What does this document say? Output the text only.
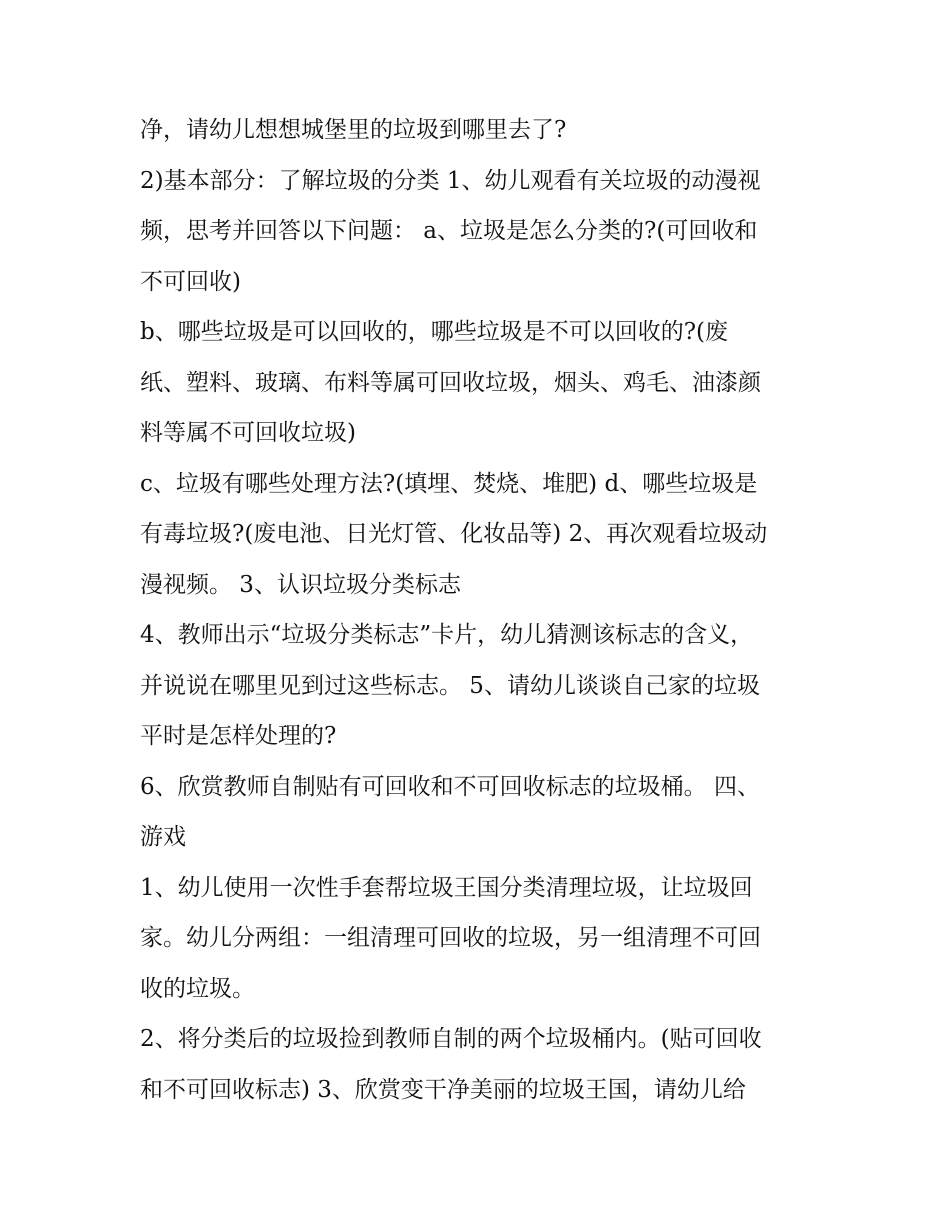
净，请幼儿想想城堡里的垃圾到哪里去了?
2)基本部分：了解垃圾的分类 1、幼儿观看有关垃圾的动漫视
频，思考并回答以下问题： a、垃圾是怎么分类的?(可回收和
不可回收)
b、哪些垃圾是可以回收的，哪些垃圾是不可以回收的?(废
纸、塑料、玻璃、布料等属可回收垃圾，烟头、鸡毛、油漆颜
料等属不可回收垃圾)
c、垃圾有哪些处理方法?(填埋、焚烧、堆肥) d、哪些垃圾是
有毒垃圾?(废电池、日光灯管、化妆品等) 2、再次观看垃圾动
漫视频。 3、认识垃圾分类标志
4、教师出示“垃圾分类标志”卡片，幼儿猜测该标志的含义，
并说说在哪里见到过这些标志。 5、请幼儿谈谈自己家的垃圾
平时是怎样处理的?
6、欣赏教师自制贴有可回收和不可回收标志的垃圾桶。 四、
游戏
1、幼儿使用一次性手套帮垃圾王国分类清理垃圾，让垃圾回
家。幼儿分两组：一组清理可回收的垃圾，另一组清理不可回
收的垃圾。
2、将分类后的垃圾捡到教师自制的两个垃圾桶内。(贴可回收
和不可回收标志) 3、欣赏变干净美丽的垃圾王国，请幼儿给
